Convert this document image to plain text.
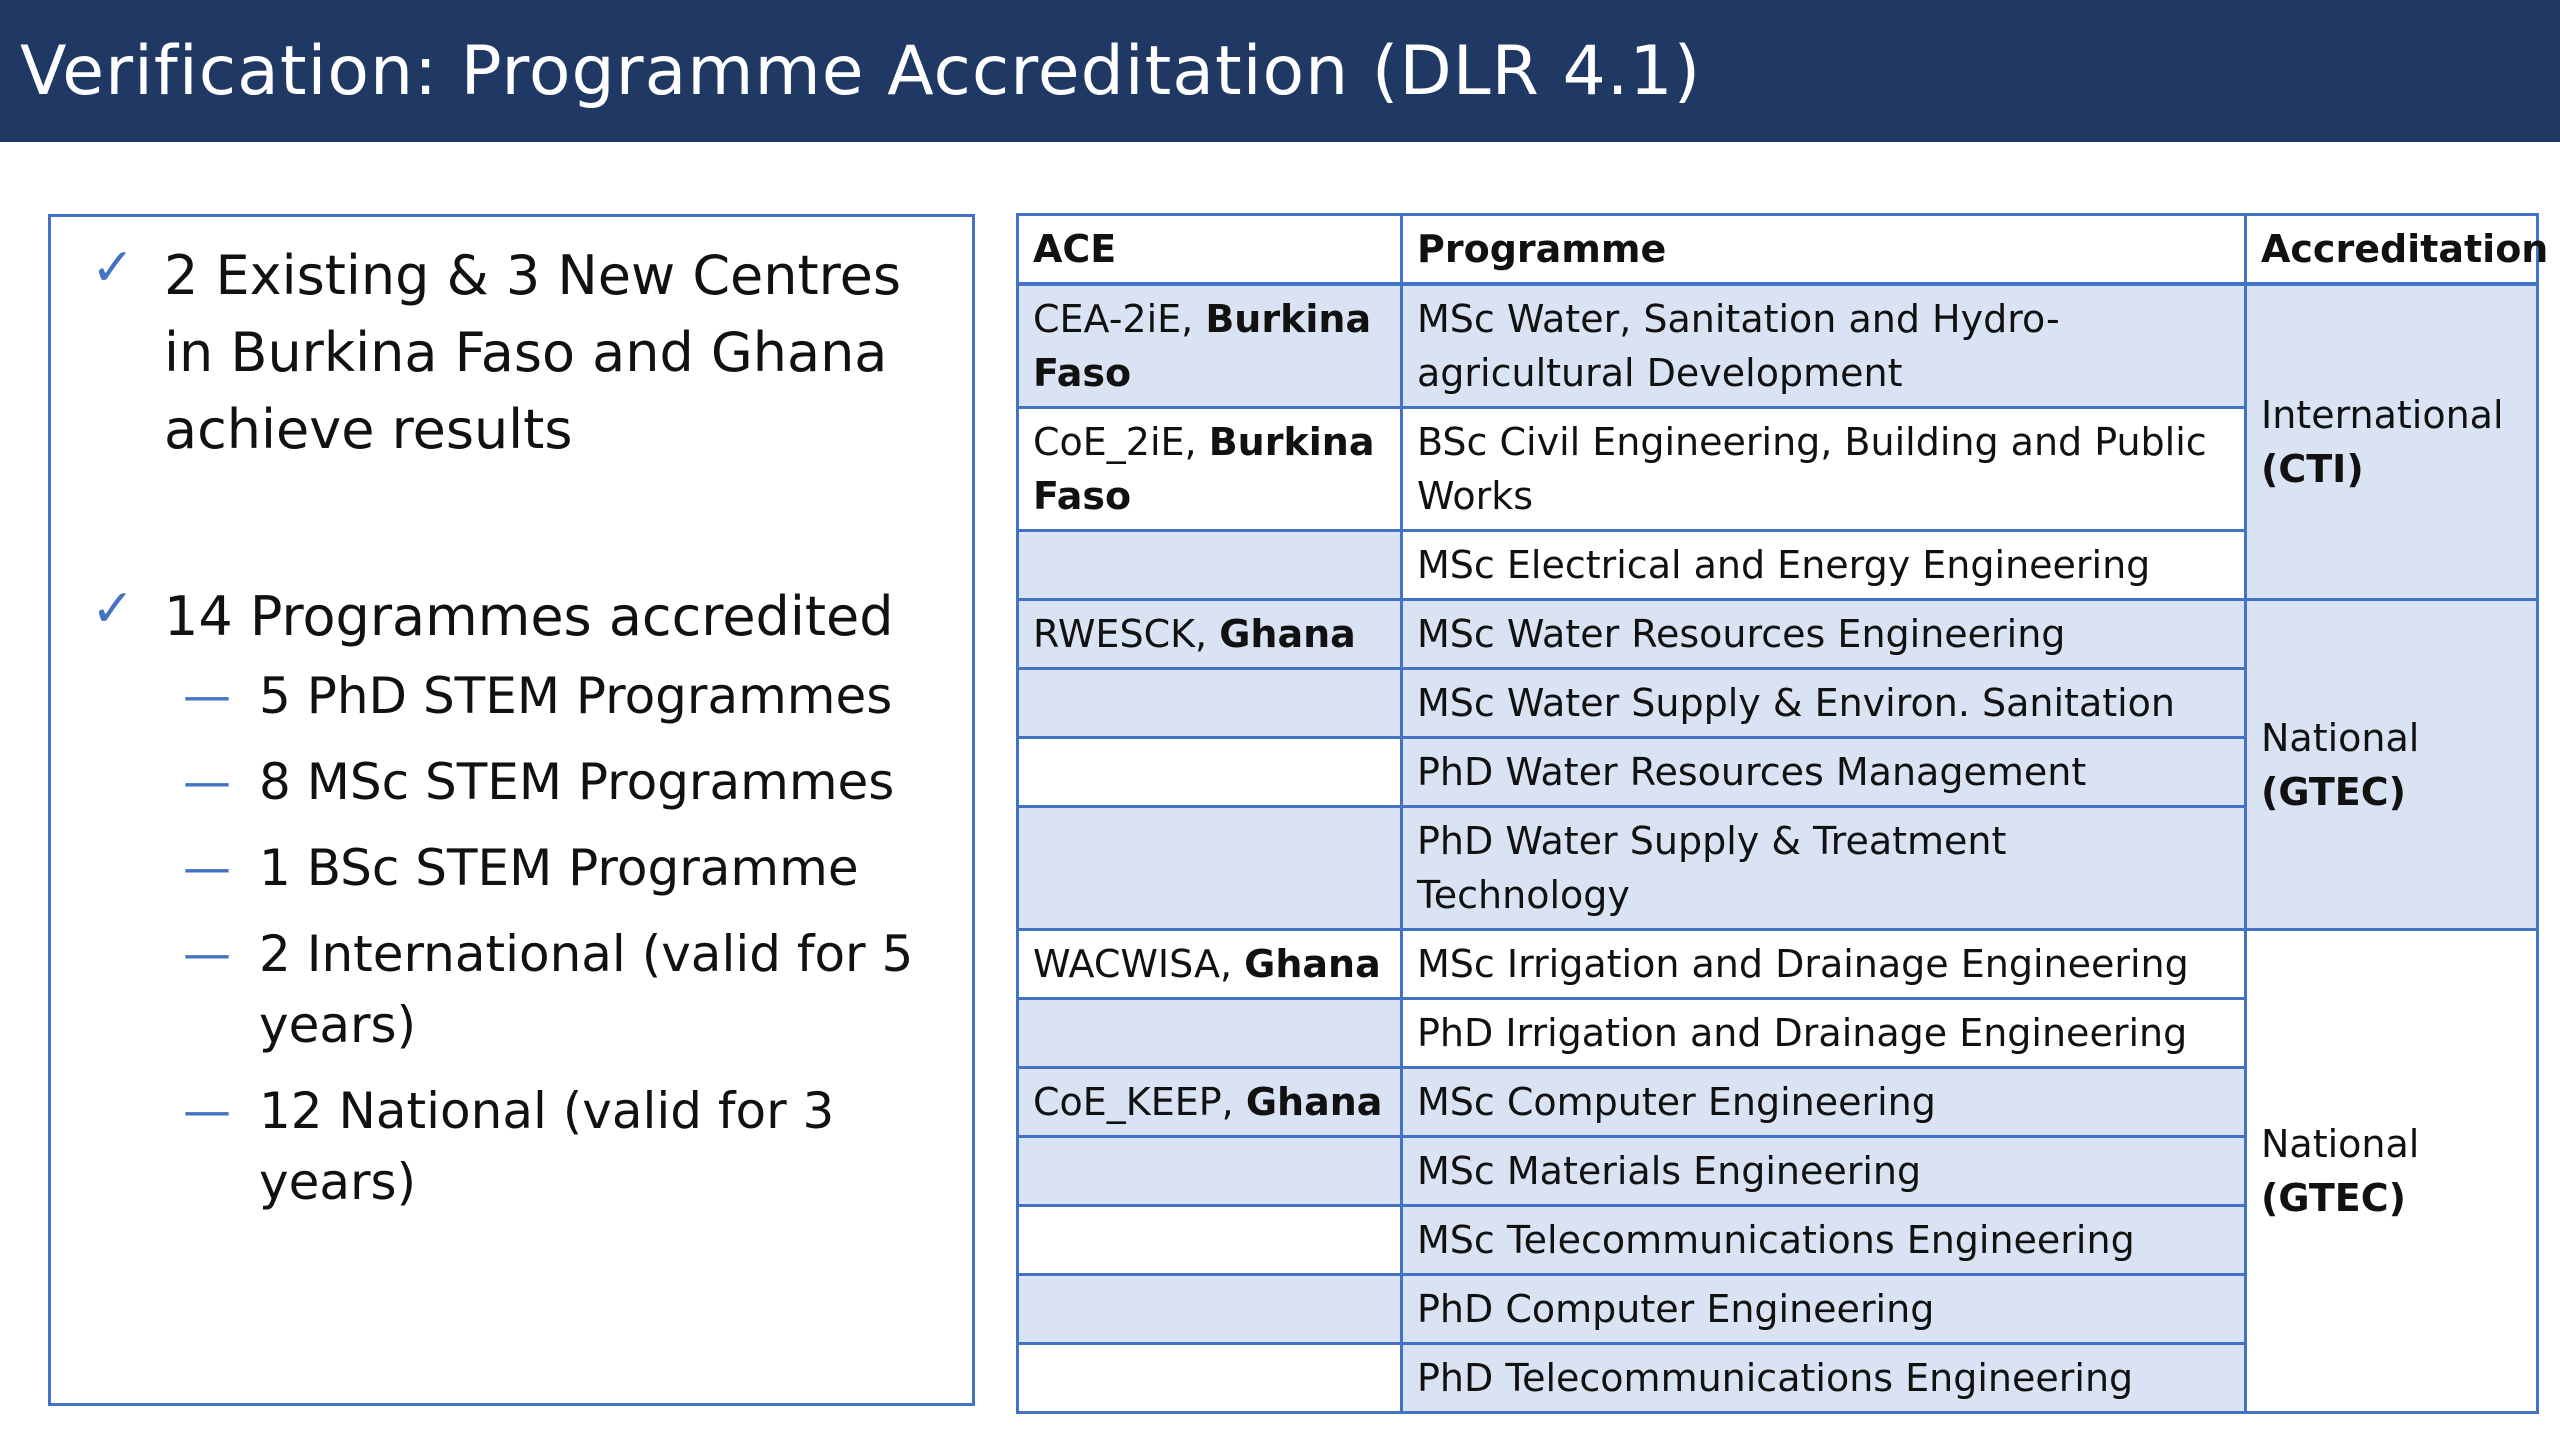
Verification: Programme Accreditation (DLR 4.1)
✓ 2 Existing & 3 New Centres in Burkina Faso and Ghana achieve results
✓ 14 Programmes accredited
— 5 PhD STEM Programmes
— 8 MSc STEM Programmes
— 1 BSc STEM Programme
— 2 International (valid for 5 years)
— 12 National (valid for 3 years)
ACE	Programme	Accreditation
CEA-2iE, Burkina Faso	MSc Water, Sanitation and Hydro-agricultural Development	International
(CTI)
CoE_2iE, Burkina Faso	BSc Civil Engineering, Building and Public Works	
	MSc Electrical and Energy Engineering	
RWESCK, Ghana	MSc Water Resources Engineering	National
(GTEC)
	MSc Water Supply & Environ. Sanitation	
	PhD Water Resources Management	
	PhD Water Supply & Treatment Technology	
WACWISA, Ghana	MSc Irrigation and Drainage Engineering	National
(GTEC)
	PhD Irrigation and Drainage Engineering	
CoE_KEEP, Ghana	MSc Computer Engineering	
	MSc Materials Engineering	
	MSc Telecommunications Engineering	
	PhD Computer Engineering	
	PhD Telecommunications Engineering	
